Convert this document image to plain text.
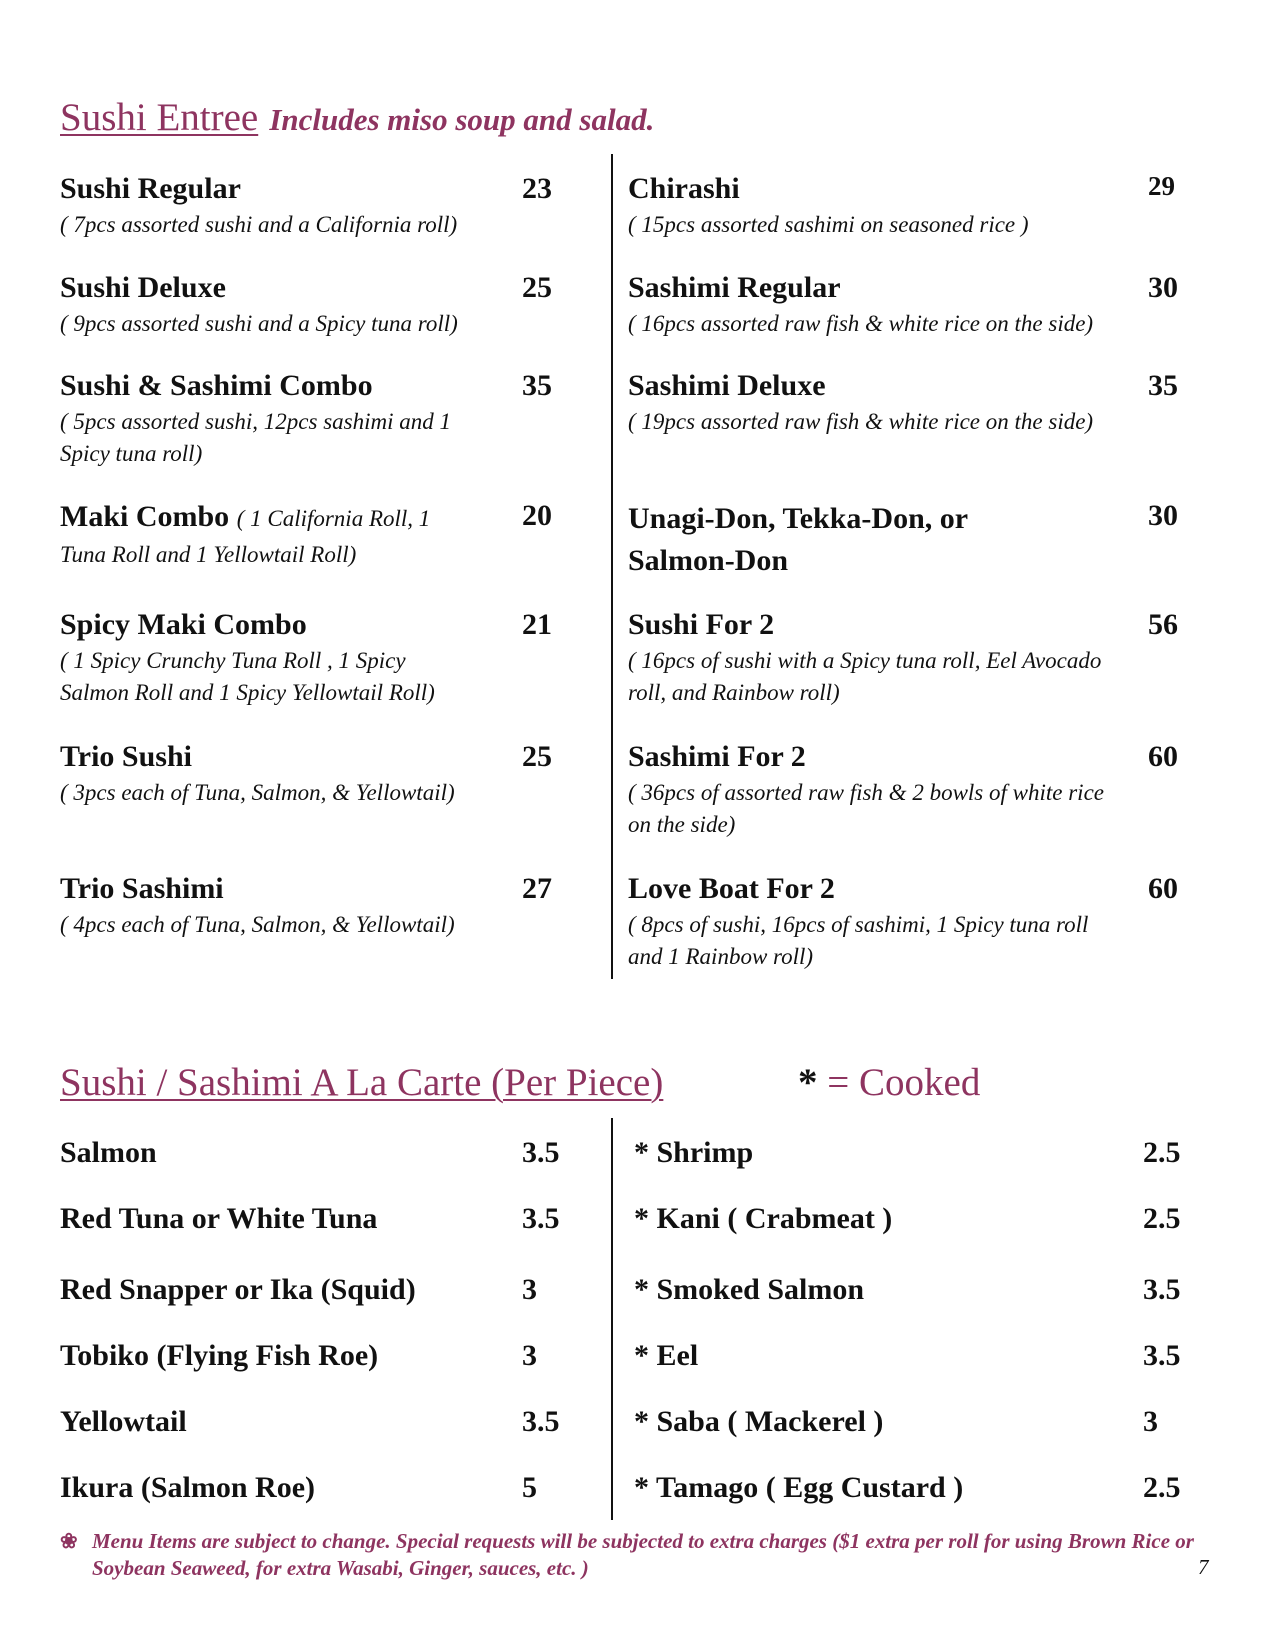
Sushi Entree Includes miso soup and salad.
Sushi Regular
( 7pcs assorted sushi and a California roll)
23
Sushi Deluxe
( 9pcs assorted sushi and a Spicy tuna roll)
25
Sushi & Sashimi Combo
( 5pcs assorted sushi, 12pcs sashimi and 1 Spicy tuna roll)
35
Maki Combo ( 1 California Roll, 1 Tuna Roll and 1 Yellowtail Roll)
20
Spicy Maki Combo
( 1 Spicy Crunchy Tuna Roll , 1 Spicy Salmon Roll and 1 Spicy Yellowtail Roll)
21
Trio Sushi
( 3pcs each of Tuna, Salmon, & Yellowtail)
25
Trio Sashimi
( 4pcs each of Tuna, Salmon, & Yellowtail)
27
Chirashi
( 15pcs assorted sashimi on seasoned rice )
29
Sashimi Regular
( 16pcs assorted raw fish & white rice on the side)
30
Sashimi Deluxe
( 19pcs assorted raw fish & white rice on the side)
35
Unagi-Don, Tekka-Don, or Salmon-Don
30
Sushi For 2
( 16pcs of sushi with a Spicy tuna roll, Eel Avocado roll, and Rainbow roll)
56
Sashimi For 2
( 36pcs of assorted raw fish & 2 bowls of white rice on the side)
60
Love Boat For 2
( 8pcs of sushi, 16pcs of sashimi, 1 Spicy tuna roll and 1 Rainbow roll)
60
Sushi / Sashimi A La Carte (Per Piece)	* = Cooked
Salmon	3.5
Red Tuna or White Tuna	3.5
Red Snapper or Ika (Squid)	3
Tobiko (Flying Fish Roe)	3
Yellowtail	3.5
Ikura (Salmon Roe)	5
* Shrimp	2.5
* Kani ( Crabmeat )	2.5
* Smoked Salmon	3.5
* Eel	3.5
* Saba ( Mackerel )	3
* Tamago ( Egg Custard )	2.5
❀ Menu Items are subject to change. Special requests will be subjected to extra charges ($1 extra per roll for using Brown Rice or Soybean Seaweed, for extra Wasabi, Ginger, sauces, etc. )	7
